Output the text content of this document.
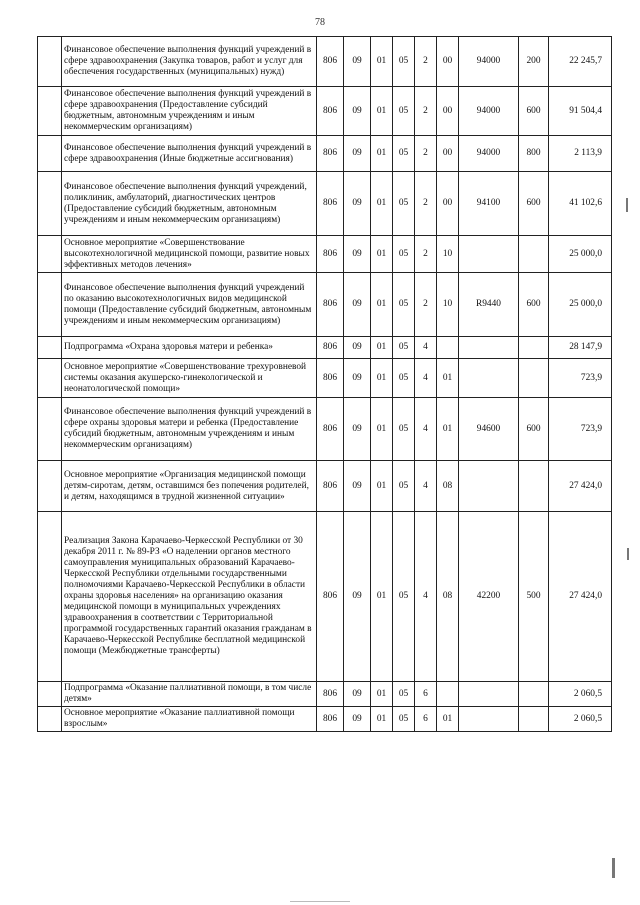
78
	Финансовое обеспечение выполнения функций учреждений в сфере здравоохранения (Закупка товаров, работ и услуг для обеспечения государственных (муниципальных) нужд)	806	09	01	05	2	00	94000	200	22 245,7
	Финансовое обеспечение выполнения функций учреждений в сфере здравоохранения (Предоставление субсидий бюджетным, автономным учреждениям и иным некоммерческим организациям)	806	09	01	05	2	00	94000	600	91 504,4
	Финансовое обеспечение выполнения функций учреждений в сфере здравоохранения (Иные бюджетные ассигнования)	806	09	01	05	2	00	94000	800	2 113,9
	Финансовое обеспечение выполнения функций учреждений, поликлиник, амбулаторий, диагностических центров (Предоставление субсидий бюджетным, автономным учреждениям и иным некоммерческим организациям)	806	09	01	05	2	00	94100	600	41 102,6
	Основное мероприятие «Совершенствование высокотехнологичной медицинской помощи, развитие новых эффективных методов лечения»	806	09	01	05	2	10			25 000,0
	Финансовое обеспечение выполнения функций учреждений по оказанию высокотехнологичных видов медицинской помощи (Предоставление субсидий бюджетным, автономным учреждениям и иным некоммерческим организациям)	806	09	01	05	2	10	R9440	600	25 000,0
	Подпрограмма «Охрана здоровья матери и ребенка»	806	09	01	05	4				28 147,9
	Основное мероприятие «Совершенствование трехуровневой системы оказания акушерско-гинекологической и неонатологической помощи»	806	09	01	05	4	01			723,9
	Финансовое обеспечение выполнения функций учреждений в сфере охраны здоровья матери и ребенка (Предоставление субсидий бюджетным, автономным учреждениям и иным некоммерческим организациям)	806	09	01	05	4	01	94600	600	723,9
	Основное мероприятие «Организация медицинской помощи детям-сиротам, детям, оставшимся без попечения родителей, и детям, находящимся в трудной жизненной ситуации»	806	09	01	05	4	08			27 424,0
	Реализация Закона Карачаево-Черкесской Республики от 30 декабря 2011 г. № 89-РЗ «О наделении органов местного самоуправления муниципальных образований Карачаево-Черкесской Республики отдельными государственными полномочиями Карачаево-Черкесской Республики в области охраны здоровья населения» на организацию оказания медицинской помощи в муниципальных учреждениях здравоохранения в соответствии с Территориальной программой государственных гарантий оказания гражданам в Карачаево-Черкесской Республике бесплатной медицинской помощи (Межбюджетные трансферты)	806	09	01	05	4	08	42200	500	27 424,0
	Подпрограмма «Оказание паллиативной помощи, в том числе детям»	806	09	01	05	6				2 060,5
	Основное мероприятие «Оказание паллиативной помощи взрослым»	806	09	01	05	6	01			2 060,5
